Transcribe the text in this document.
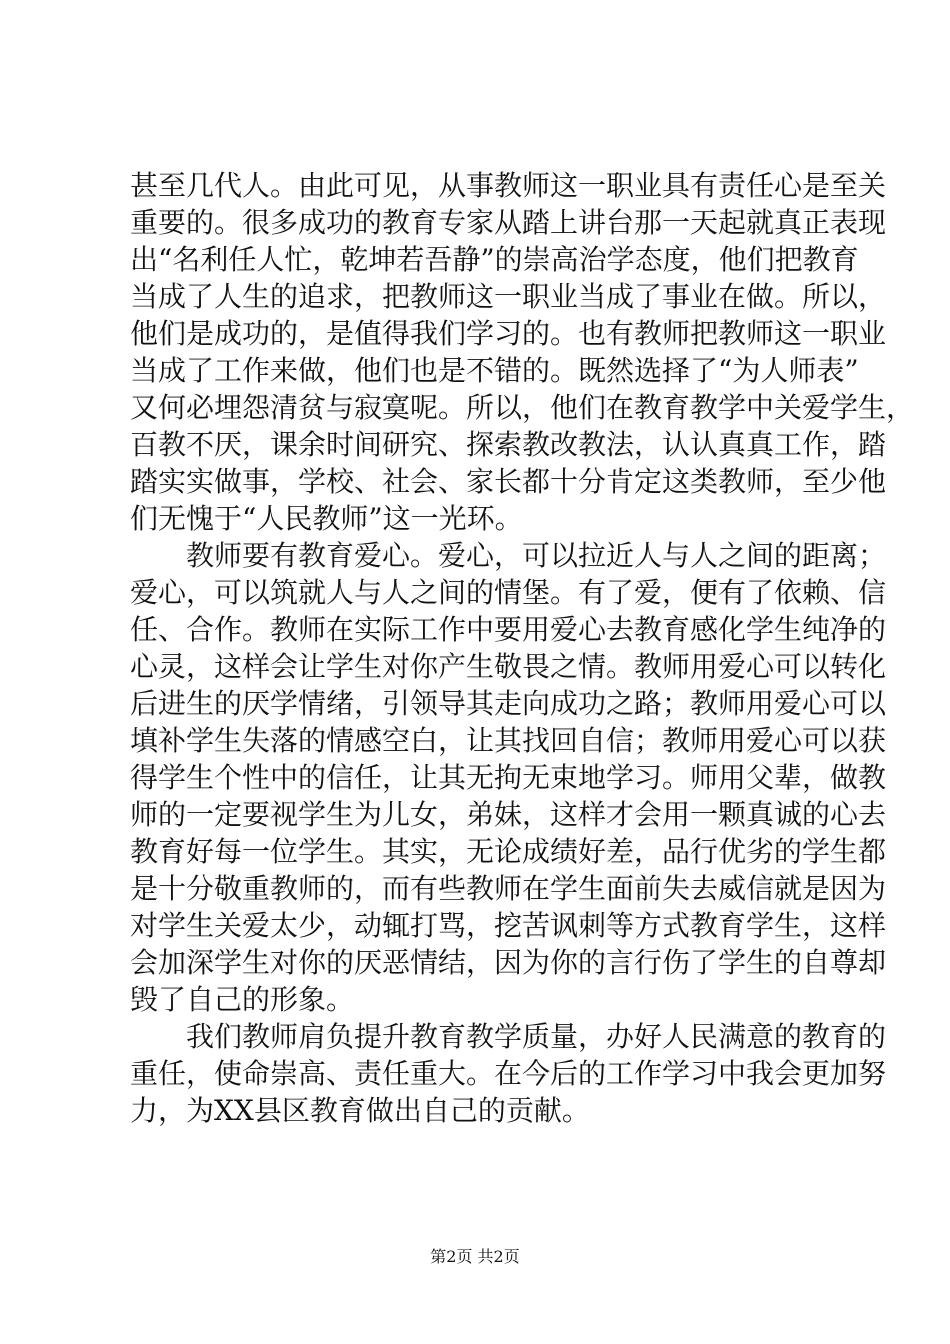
甚至几代人。由此可见，从事教师这一职业具有责任心是至关
重要的。很多成功的教育专家从踏上讲台那一天起就真正表现
出“名利任人忙，乾坤若吾静”的崇高治学态度，他们把教育
当成了人生的追求，把教师这一职业当成了事业在做。所以，
他们是成功的，是值得我们学习的。也有教师把教师这一职业
当成了工作来做，他们也是不错的。既然选择了“为人师表”
又何必埋怨清贫与寂寞呢。所以，他们在教育教学中关爱学生，
百教不厌，课余时间研究、探索教改教法，认认真真工作，踏
踏实实做事，学校、社会、家长都十分肯定这类教师，至少他
们无愧于“人民教师”这一光环。
　　教师要有教育爱心。爱心，可以拉近人与人之间的距离；
爱心，可以筑就人与人之间的情堡。有了爱，便有了依赖、信
任、合作。教师在实际工作中要用爱心去教育感化学生纯净的
心灵，这样会让学生对你产生敬畏之情。教师用爱心可以转化
后进生的厌学情绪，引领导其走向成功之路；教师用爱心可以
填补学生失落的情感空白，让其找回自信；教师用爱心可以获
得学生个性中的信任，让其无拘无束地学习。师用父辈，做教
师的一定要视学生为儿女，弟妹，这样才会用一颗真诚的心去
教育好每一位学生。其实，无论成绩好差，品行优劣的学生都
是十分敬重教师的，而有些教师在学生面前失去威信就是因为
对学生关爱太少，动辄打骂，挖苦讽刺等方式教育学生，这样
会加深学生对你的厌恶情结，因为你的言行伤了学生的自尊却
毁了自己的形象。
　　我们教师肩负提升教育教学质量，办好人民满意的教育的
重任，使命崇高、责任重大。在今后的工作学习中我会更加努
力，为XX县区教育做出自己的贡献。
第2页 共2页
